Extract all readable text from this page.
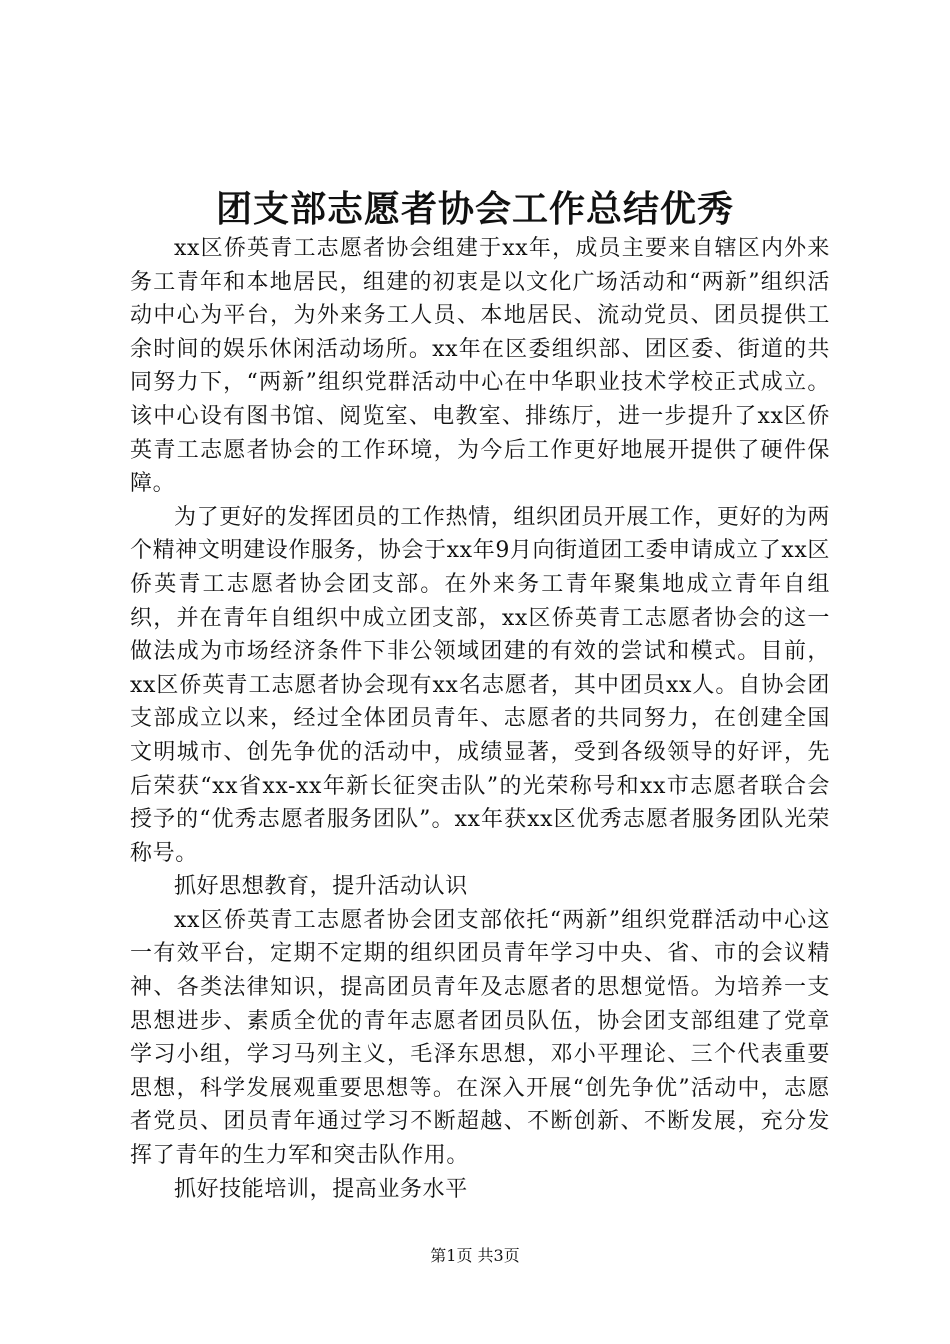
团支部志愿者协会工作总结优秀

xx区侨英青工志愿者协会组建于xx年，成员主要来自辖区内外来务工青年和本地居民，组建的初衷是以文化广场活动和“两新”组织活动中心为平台，为外来务工人员、本地居民、流动党员、团员提供工余时间的娱乐休闲活动场所。xx年在区委组织部、团区委、街道的共同努力下，“两新”组织党群活动中心在中华职业技术学校正式成立。该中心设有图书馆、阅览室、电教室、排练厅，进一步提升了xx区侨英青工志愿者协会的工作环境，为今后工作更好地展开提供了硬件保障。

为了更好的发挥团员的工作热情，组织团员开展工作，更好的为两个精神文明建设作服务，协会于xx年9月向街道团工委申请成立了xx区侨英青工志愿者协会团支部。在外来务工青年聚集地成立青年自组织，并在青年自组织中成立团支部，xx区侨英青工志愿者协会的这一做法成为市场经济条件下非公领域团建的有效的尝试和模式。目前，xx区侨英青工志愿者协会现有xx名志愿者，其中团员xx人。自协会团支部成立以来，经过全体团员青年、志愿者的共同努力，在创建全国文明城市、创先争优的活动中，成绩显著，受到各级领导的好评，先后荣获“xx省xx-xx年新长征突击队”的光荣称号和xx市志愿者联合会授予的“优秀志愿者服务团队”。xx年获xx区优秀志愿者服务团队光荣称号。

抓好思想教育，提升活动认识

xx区侨英青工志愿者协会团支部依托“两新”组织党群活动中心这一有效平台，定期不定期的组织团员青年学习中央、省、市的会议精神、各类法律知识，提高团员青年及志愿者的思想觉悟。为培养一支思想进步、素质全优的青年志愿者团员队伍，协会团支部组建了党章学习小组，学习马列主义，毛泽东思想，邓小平理论、三个代表重要思想，科学发展观重要思想等。在深入开展“创先争优”活动中，志愿者党员、团员青年通过学习不断超越、不断创新、不断发展，充分发挥了青年的生力军和突击队作用。

抓好技能培训，提高业务水平

第1页 共3页
